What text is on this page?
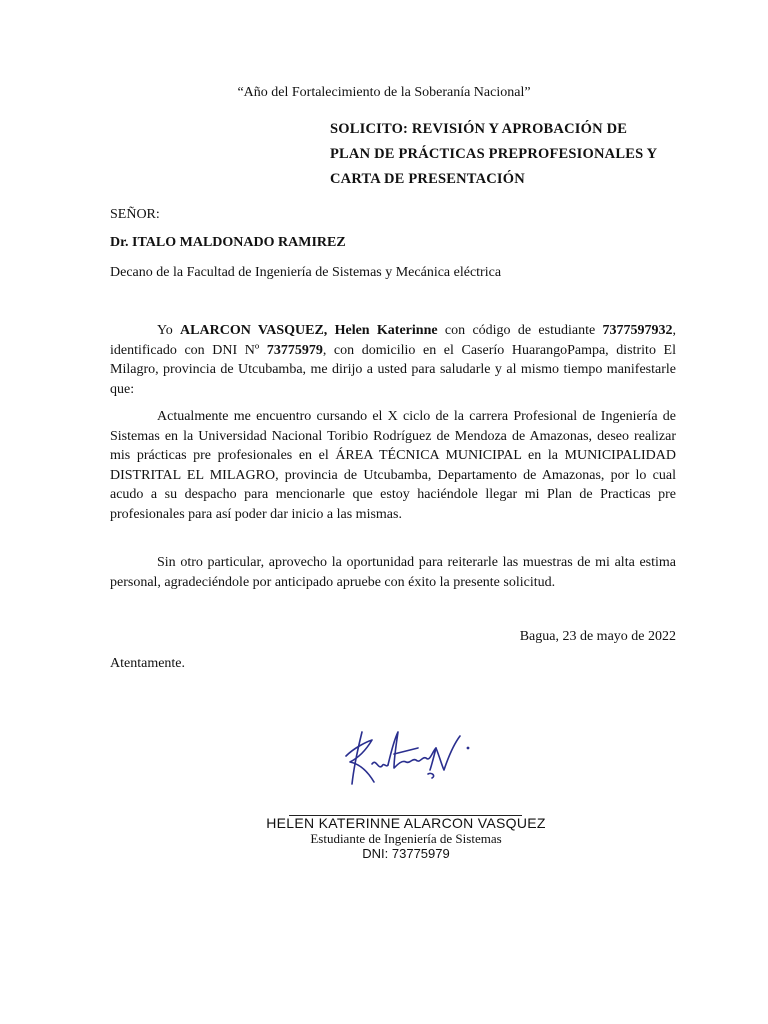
“Año del Fortalecimiento de la Soberanía Nacional”
SOLICITO: REVISIÓN Y APROBACIÓN DE
PLAN DE PRÁCTICAS PREPROFESIONALES Y
CARTA DE PRESENTACIÓN
SEÑOR:
Dr. ITALO MALDONADO RAMIREZ
Decano de la Facultad de Ingeniería de Sistemas y Mecánica eléctrica

Yo ALARCON VASQUEZ, Helen Katerinne con código de estudiante 7377597932, identificado con DNI Nº 73775979, con domicilio en el Caserío HuarangoPampa, distrito El Milagro, provincia de Utcubamba, me dirijo a usted para saludarle y al mismo tiempo manifestarle que:

Actualmente me encuentro cursando el X ciclo de la carrera Profesional de Ingeniería de Sistemas en la Universidad Nacional Toribio Rodríguez de Mendoza de Amazonas, deseo realizar mis prácticas pre profesionales en el ÁREA TÉCNICA MUNICIPAL en la MUNICIPALIDAD DISTRITAL EL MILAGRO, provincia de Utcubamba, Departamento de Amazonas, por lo cual acudo a su despacho para mencionarle que estoy haciéndole llegar mi Plan de Practicas pre profesionales para así poder dar inicio a las mismas.

Sin otro particular, aprovecho la oportunidad para reiterarle las muestras de mi alta estima personal, agradeciéndole por anticipado apruebe con éxito la presente solicitud.

Bagua, 23 de mayo de 2022
Atentamente.
HELEN KATERINNE ALARCON VASQUEZ
Estudiante de Ingeniería de Sistemas
DNI: 73775979
